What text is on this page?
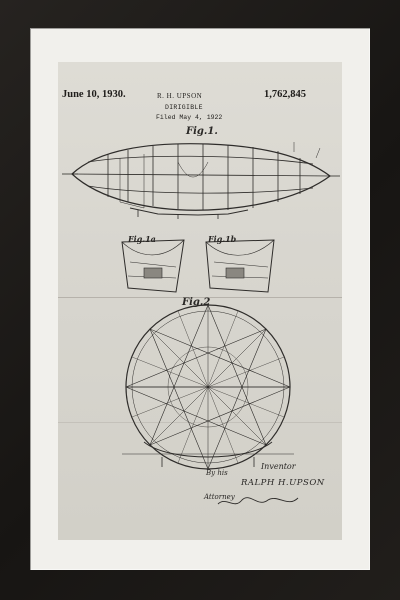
June 10, 1930.	R. H. UPSON	1,762,845
DIRIGIBLE
Filed May 4, 1922
Fig.1.
Fig.1a	Fig.1b
Fig.2
Inventor
RALPH H.UPSON
By his
Attorney
